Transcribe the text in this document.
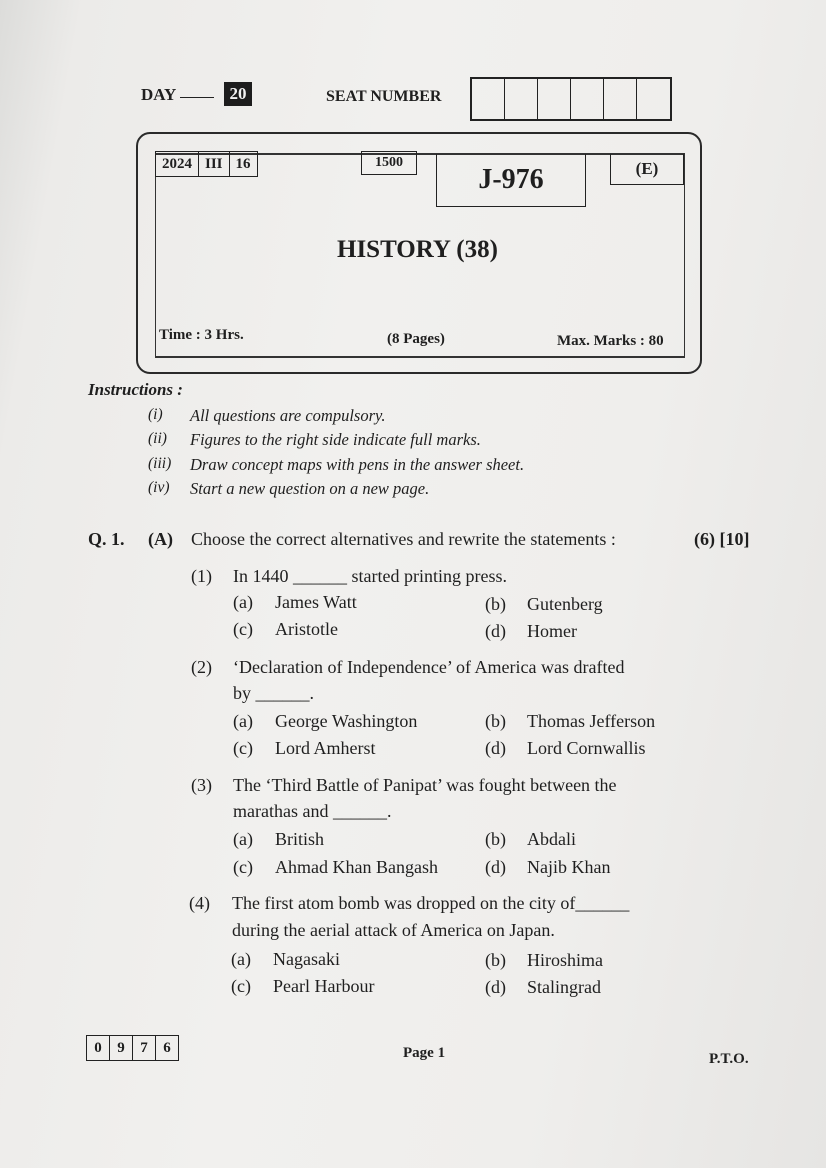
DAY	20	SEAT NUMBER
2024 III 16	1500
J-976	(E)
HISTORY (38)
Time : 3 Hrs.	(8 Pages)	Max. Marks : 80
Instructions :
(i) All questions are compulsory.
(ii) Figures to the right side indicate full marks.
(iii) Draw concept maps with pens in the answer sheet.
(iv) Start a new question on a new page.
Q. 1. (A) Choose the correct alternatives and rewrite the statements :	(6) [10]
(1) In 1440 ______ started printing press.
(a) James Watt	(b) Gutenberg
(c) Aristotle	(d) Homer
(2) ‘Declaration of Independence’ of America was drafted
by ______.
(a) George Washington	(b) Thomas Jefferson
(c) Lord Amherst	(d) Lord Cornwallis
(3) The ‘Third Battle of Panipat’ was fought between the
marathas and ______.
(a) British	(b) Abdali
(c) Ahmad Khan Bangash	(d) Najib Khan
(4) The first atom bomb was dropped on the city of______
during the aerial attack of America on Japan.
(a) Nagasaki	(b) Hiroshima
(c) Pearl Harbour	(d) Stalingrad
0	9	7	6	Page 1	P.T.O.
